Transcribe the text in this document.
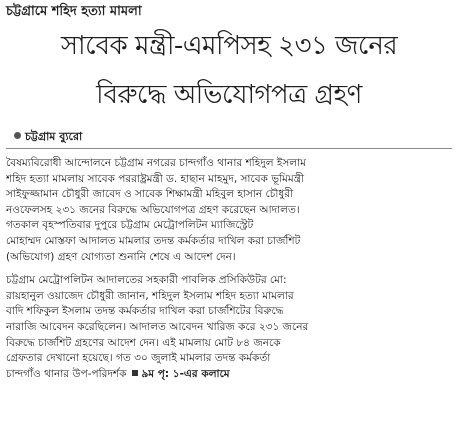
চট্টগ্রামে শহিদ হত্যা মামলা
সাবেক মন্ত্রী-এমপিসহ ২৩১ জনের
বিরুদ্ধে অভিযোগপত্র গ্রহণ
চট্টগ্রাম ব্যুরো
বৈষম্যবিরোধী আন্দোলনে চট্টগ্রাম নগরের চান্দগাঁও থানার শহিদুল ইসলাম
শহিদ হত্যা মামলায় সাবেক পররাষ্ট্রমন্ত্রী ড. হাছান মাহমুদ, সাবেক ভূমিমন্ত্রী
সাইফুজ্জামান চৌধুরী জাবেদ ও সাবেক শিক্ষামন্ত্রী মহিবুল হাসান চৌধুরী
নওফেলসহ ২৩১ জনের বিরুদ্ধে অভিযোগপত্র গ্রহণ করেছেন আদালত।
গতকাল বৃহস্পতিবার দুপুরে চট্টগ্রাম মেট্রোপলিটন ম্যাজিস্ট্রেট
মোহাম্মদ মোস্তফা আদালত মামলার তদন্ত কর্মকর্তার দাখিল করা চার্জশিট
(অভিযোগ) গ্রহণ যোগ্যতা শুনানি শেষে এ আদেশ দেন।
চট্টগ্রাম মেট্রোপলিটন আদালতের সহকারী পাবলিক প্রসিকিউটর মো:
রায়হানুল ওয়াজেদ চৌধুরী জানান, শহিদুল ইসলাম শহিদ হত্যা মামলার
বাদি শফিকুল ইসলাম তদন্ত কর্মকর্তার দাখিল করা চার্জশিটের বিরুদ্ধে
নারাজি আবেদন করেছিলেন। আদালত আবেদন খারিজ করে ২৩১ জনের
বিরুদ্ধে চার্জশিট গ্রহণের আদেশ দেন। এই মামলায় মোট ৮৪ জনকে
গ্রেফতার দেখানো হয়েছে। গত ৩০ জুলাই মামলার তদন্ত কর্মকর্তা
চান্দগাঁও থানার উপ-পরিদর্শক ৯ম পৃ: ১-এর কলামে
